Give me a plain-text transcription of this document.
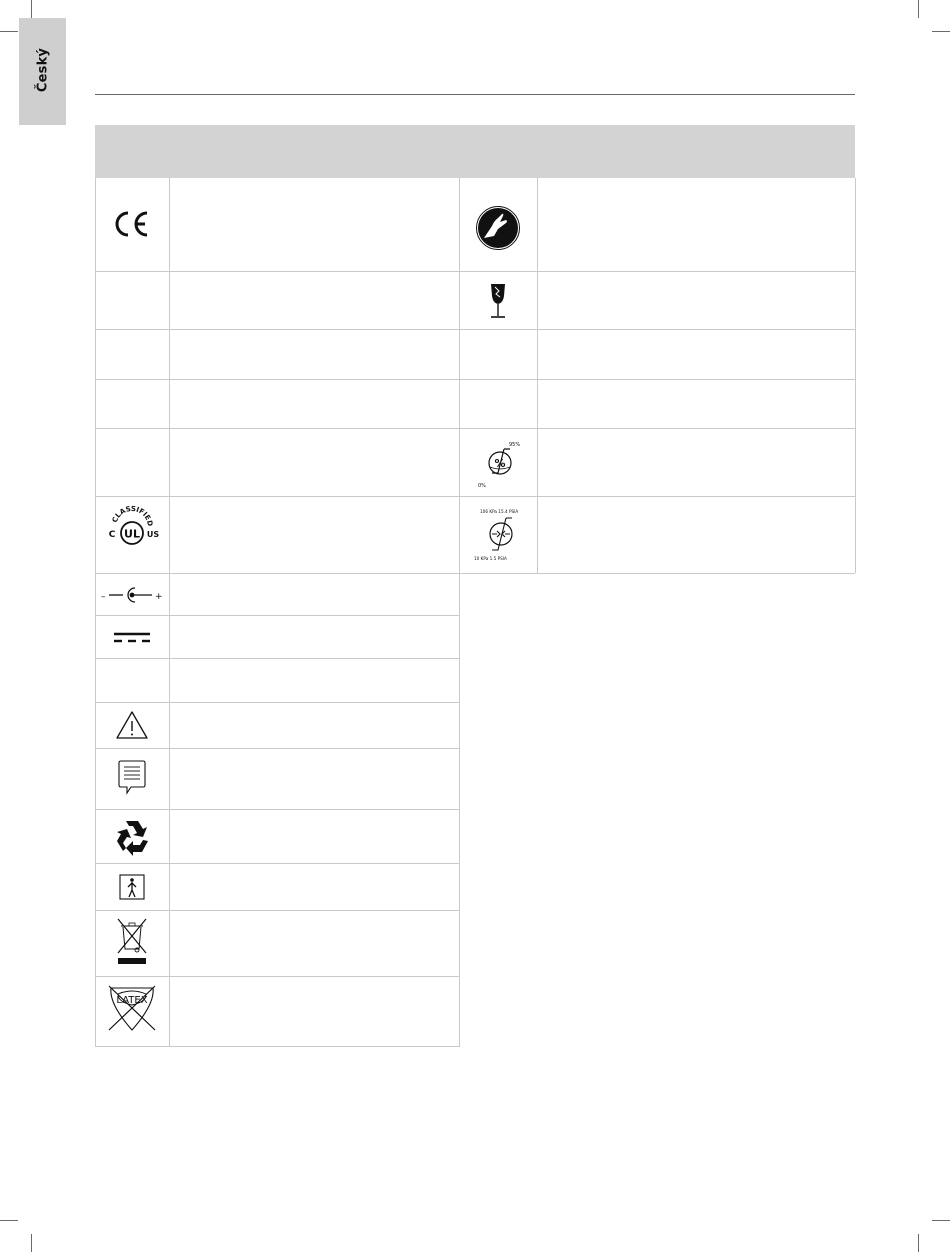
Český
CLASSIFIED
UL
C	US
–	+
LATEX
95%
0%
%
106 KPa 15.4 PSIA
10 KPa 1.5 PSIA
